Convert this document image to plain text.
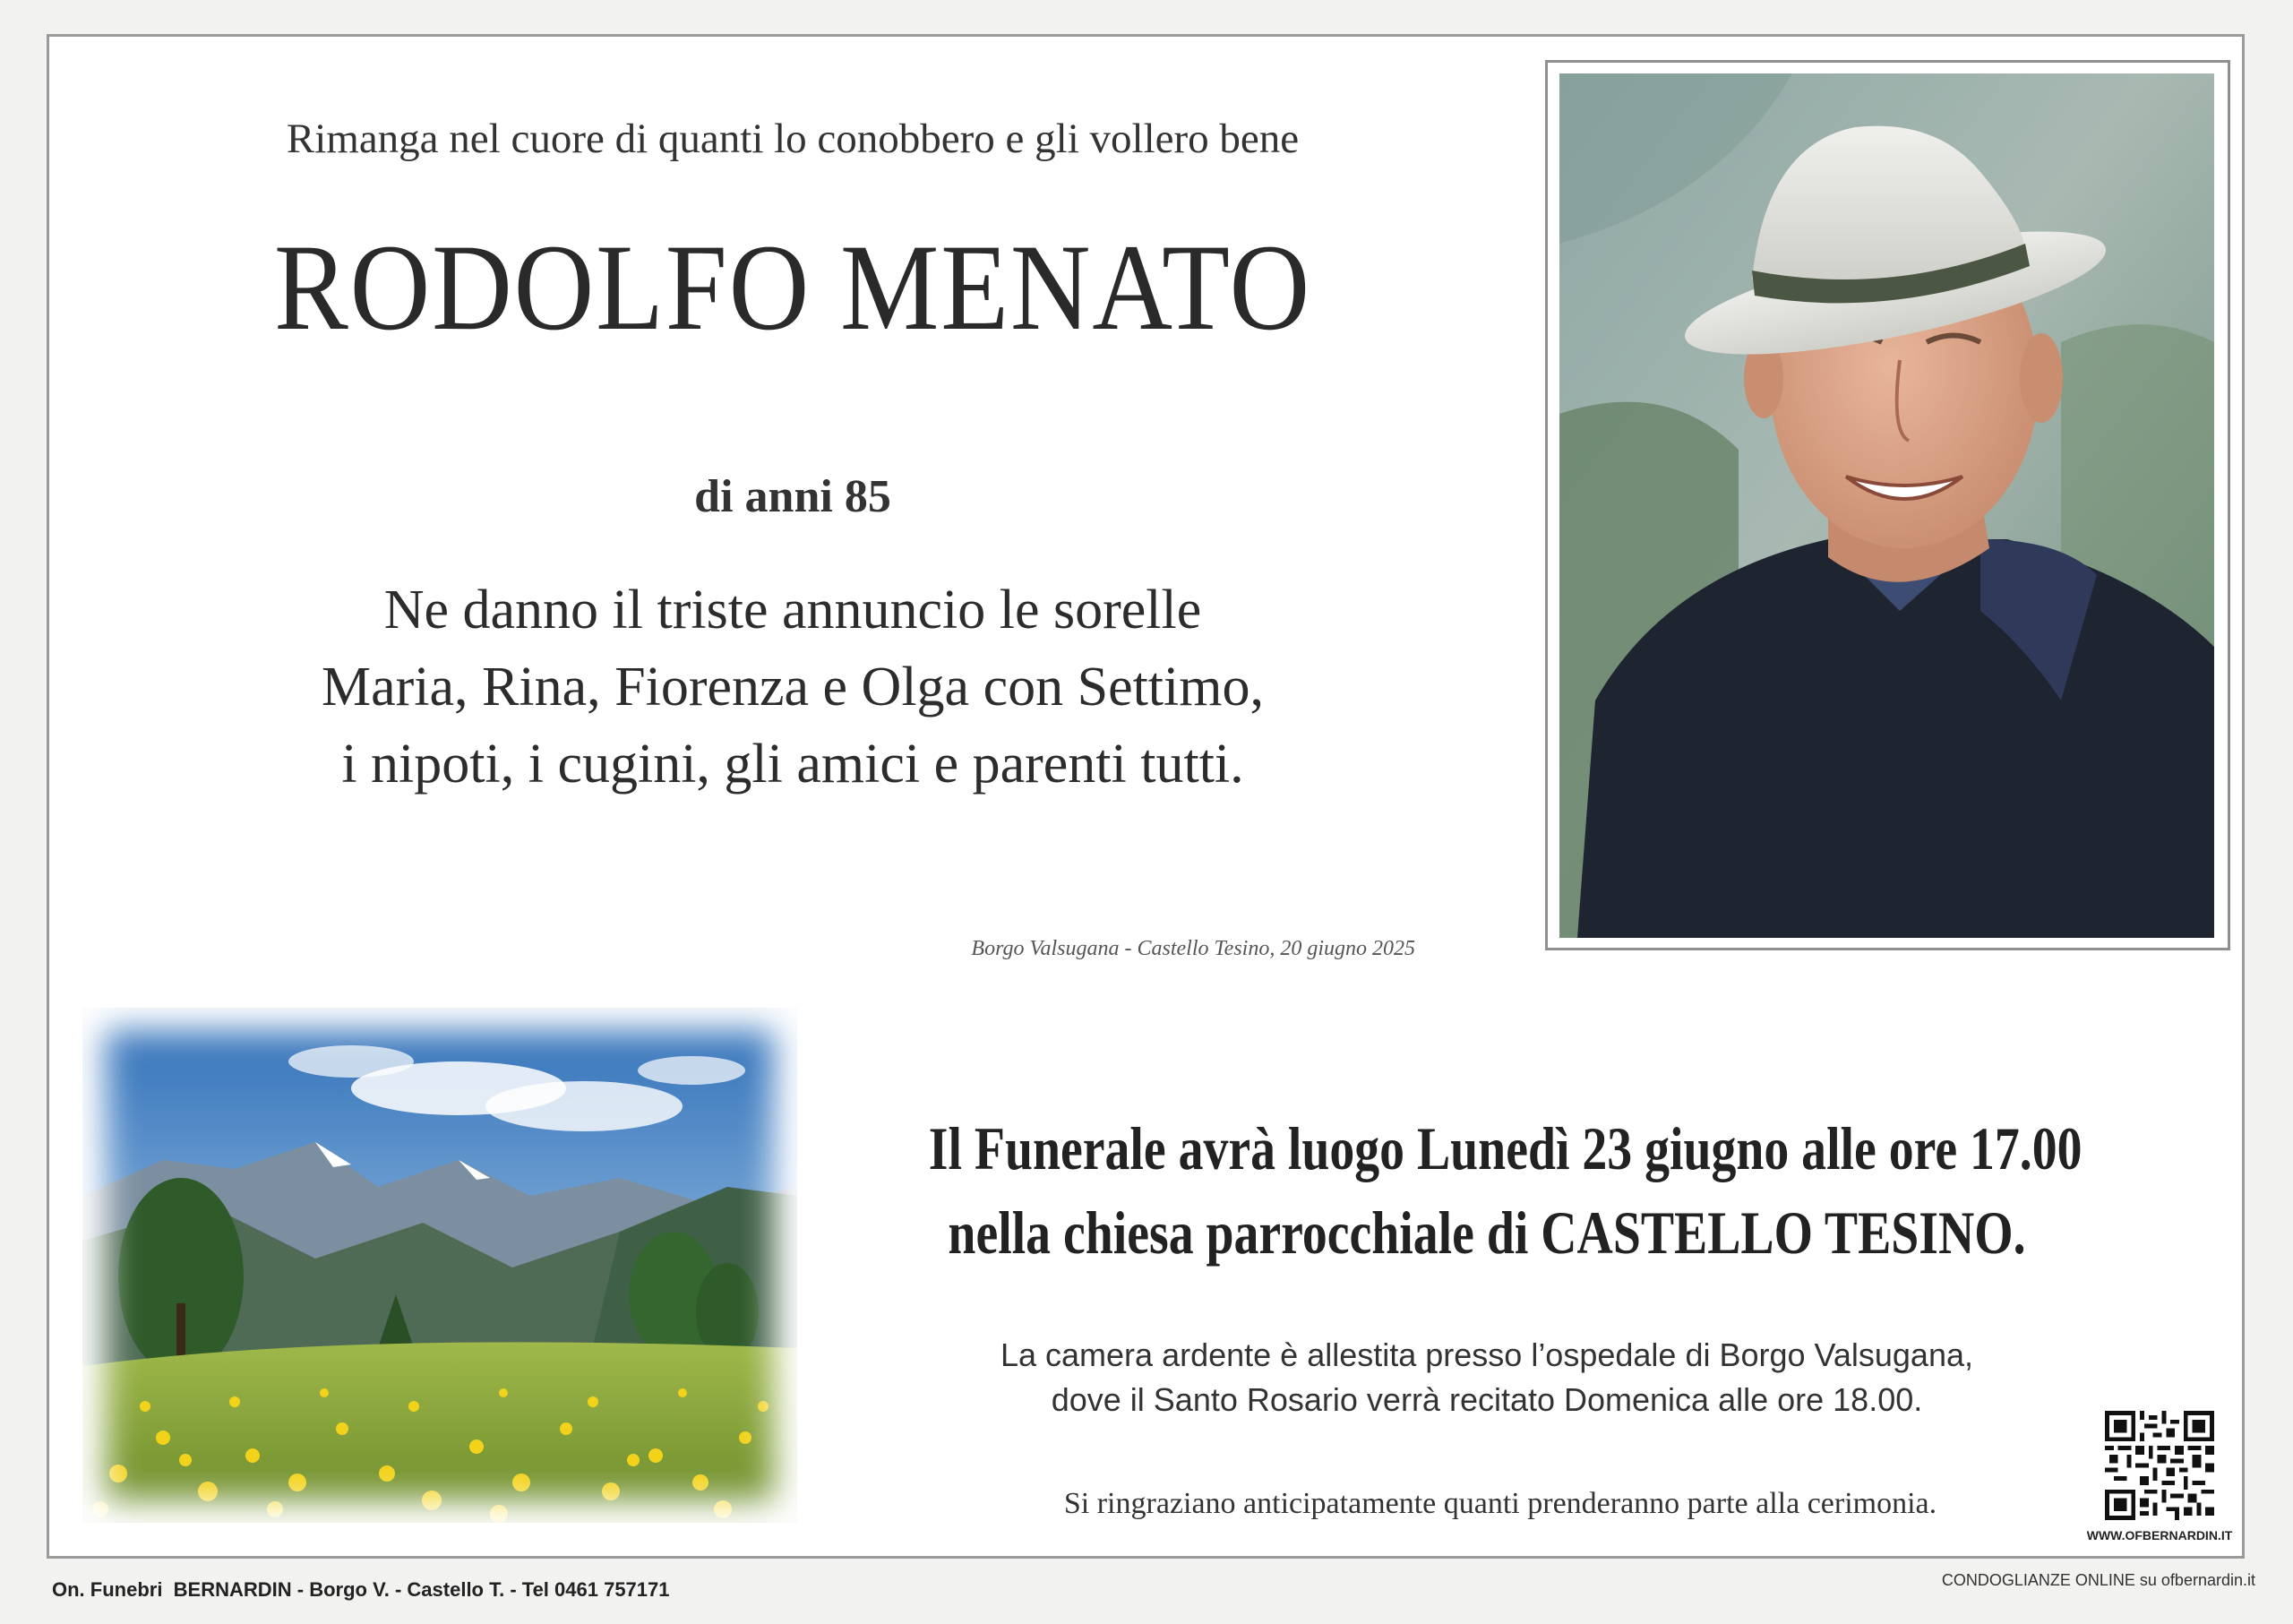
Rimanga nel cuore di quanti lo conobbero e gli vollero bene
RODOLFO MENATO
di anni 85
Ne danno il triste annuncio le sorelle
Maria, Rina, Fiorenza e Olga con Settimo,
i nipoti, i cugini, gli amici e parenti tutti.
Borgo Valsugana - Castello Tesino, 20 giugno 2025
Il Funerale avrà luogo Lunedì 23 giugno alle ore 17.00
nella chiesa parrocchiale di CASTELLO TESINO.
La camera ardente è allestita presso l’ospedale di Borgo Valsugana,
dove il Santo Rosario verrà recitato Domenica alle ore 18.00.
Si ringraziano anticipatamente quanti prenderanno parte alla cerimonia.
WWW.OFBERNARDIN.IT
On. Funebri  BERNARDIN - Borgo V. - Castello T. - Tel 0461 757171	CONDOGLIANZE ONLINE su ofbernardin.it
